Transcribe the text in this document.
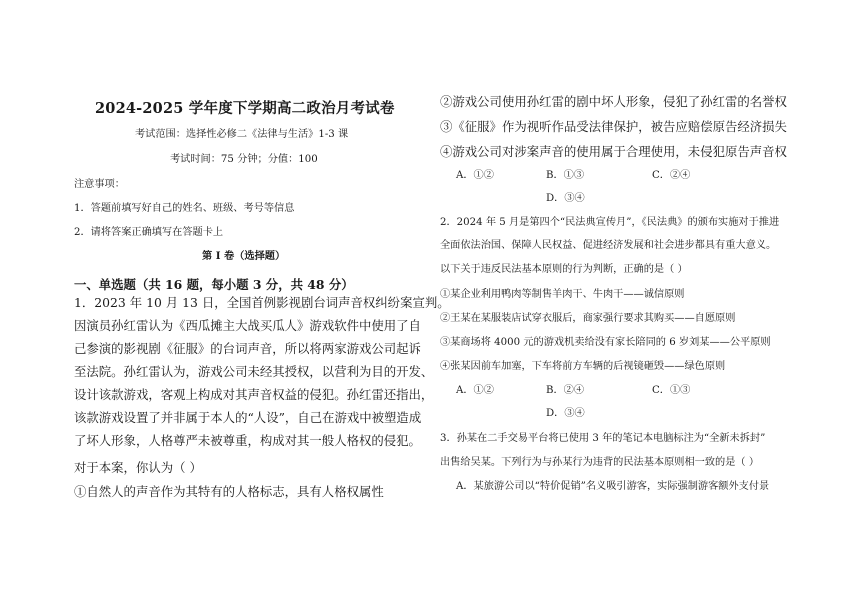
2024-2025 学年度下学期高二政治月考试卷
考试范围：选择性必修二《法律与生活》1-3 课
考试时间：75 分钟；分值：100
注意事项：
1．答题前填写好自己的姓名、班级、考号等信息
2．请将答案正确填写在答题卡上
第 I 卷（选择题）
一、单选题（共 16 题，每小题 3 分，共 48 分）
1．2023 年 10 月 13 日，全国首例影视剧台词声音权纠纷案宣判。
因演员孙红雷认为《西瓜摊主大战买瓜人》游戏软件中使用了自
己参演的影视剧《征服》的台词声音，所以将两家游戏公司起诉
至法院。孙红雷认为，游戏公司未经其授权，以营利为目的开发、
设计该款游戏，客观上构成对其声音权益的侵犯。孙红雷还指出，
该款游戏设置了并非属于本人的“人设”，自己在游戏中被塑造成
了坏人形象，人格尊严未被尊重，构成对其一般人格权的侵犯。
对于本案，你认为（ ）
①自然人的声音作为其特有的人格标志，具有人格权属性
②游戏公司使用孙红雷的剧中坏人形象，侵犯了孙红雷的名誉权
③《征服》作为视听作品受法律保护，被告应赔偿原告经济损失
④游戏公司对涉案声音的使用属于合理使用，未侵犯原告声音权
A．①②	B．①③	C．②④
D．③④
2．2024 年 5 月是第四个“民法典宣传月”，《民法典》的颁布实施对于推进
全面依法治国、保障人民权益、促进经济发展和社会进步都具有重大意义。
以下关于违反民法基本原则的行为判断，正确的是（ ）
①某企业利用鸭肉等制售羊肉干、牛肉干——诚信原则
②王某在某服装店试穿衣服后，商家强行要求其购买——自愿原则
③某商场将 4000 元的游戏机卖给没有家长陪同的 6 岁刘某——公平原则
④张某因前车加塞，下车将前方车辆的后视镜砸毁——绿色原则
A．①②	B．②④	C．①③
D．③④
3．孙某在二手交易平台将已使用 3 年的笔记本电脑标注为“全新未拆封”
出售给吴某。下列行为与孙某行为违背的民法基本原则相一致的是（ ）
A．某旅游公司以“特价促销”名义吸引游客，实际强制游客额外支付景
